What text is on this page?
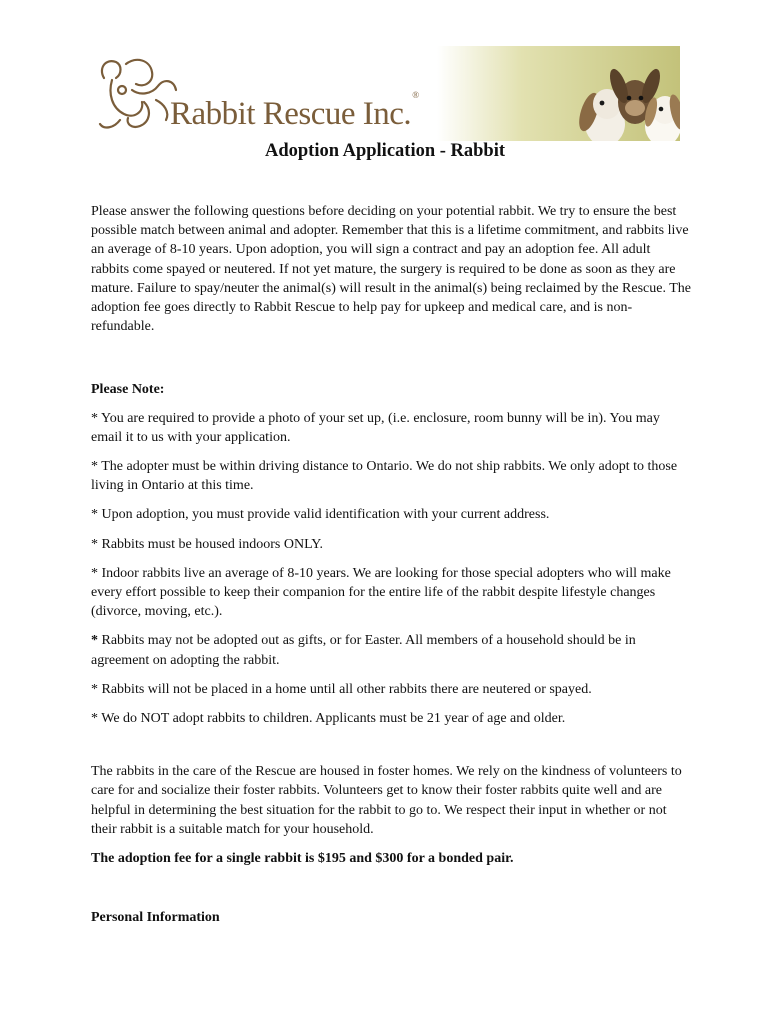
Rabbit Rescue Inc.®
Adoption Application - Rabbit

Please answer the following questions before deciding on your potential rabbit. We try to ensure the best possible match between animal and adopter. Remember that this is a lifetime commitment, and rabbits live an average of 8-10 years. Upon adoption, you will sign a contract and pay an adoption fee. All adult rabbits come spayed or neutered. If not yet mature, the surgery is required to be done as soon as they are mature. Failure to spay/neuter the animal(s) will result in the animal(s) being reclaimed by the Rescue. The adoption fee goes directly to Rabbit Rescue to help pay for upkeep and medical care, and is non-refundable.

Please Note:

* You are required to provide a photo of your set up, (i.e. enclosure, room bunny will be in). You may email it to us with your application.

* The adopter must be within driving distance to Ontario. We do not ship rabbits. We only adopt to those living in Ontario at this time.

* Upon adoption, you must provide valid identification with your current address.

* Rabbits must be housed indoors ONLY.

* Indoor rabbits live an average of 8-10 years. We are looking for those special adopters who will make every effort possible to keep their companion for the entire life of the rabbit despite lifestyle changes (divorce, moving, etc.).

* Rabbits may not be adopted out as gifts, or for Easter. All members of a household should be in agreement on adopting the rabbit.

* Rabbits will not be placed in a home until all other rabbits there are neutered or spayed.

* We do NOT adopt rabbits to children. Applicants must be 21 year of age and older.

The rabbits in the care of the Rescue are housed in foster homes. We rely on the kindness of volunteers to care for and socialize their foster rabbits. Volunteers get to know their foster rabbits quite well and are helpful in determining the best situation for the rabbit to go to. We respect their input in whether or not their rabbit is a suitable match for your household.

The adoption fee for a single rabbit is $195 and $300 for a bonded pair.

Personal Information
